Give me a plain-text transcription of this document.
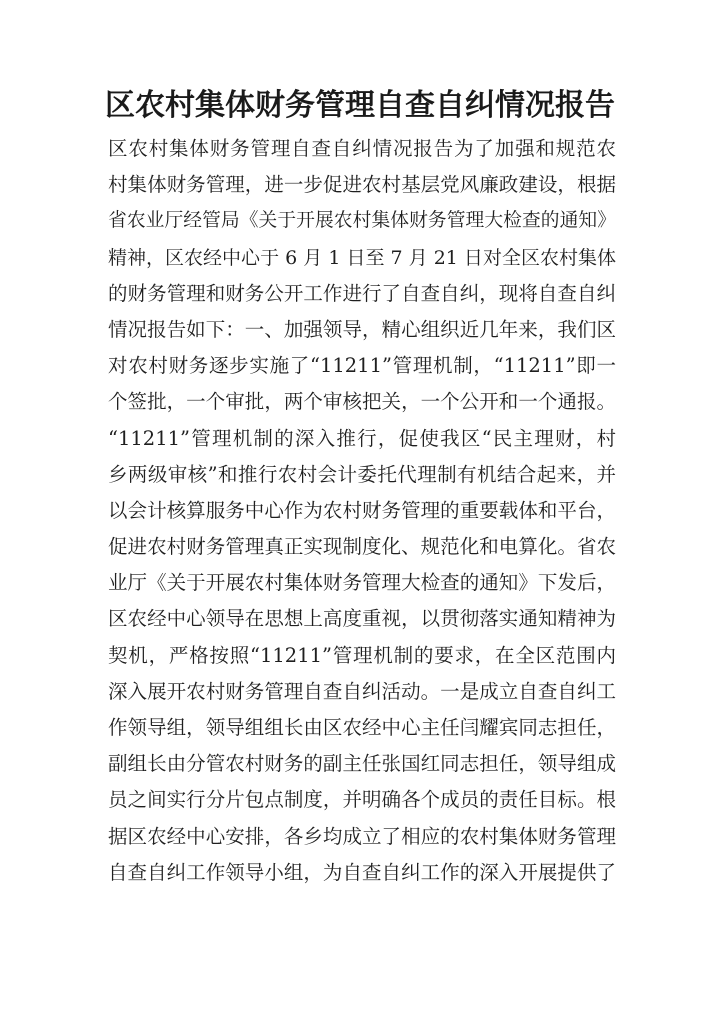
区农村集体财务管理自查自纠情况报告
区农村集体财务管理自查自纠情况报告为了加强和规范农
村集体财务管理，进一步促进农村基层党风廉政建设，根据
省农业厅经管局《关于开展农村集体财务管理大检查的通知》
精神，区农经中心于 6 月 1 日至 7 月 21 日对全区农村集体
的财务管理和财务公开工作进行了自查自纠，现将自查自纠
情况报告如下：一、加强领导，精心组织近几年来，我们区
对农村财务逐步实施了“11211”管理机制，“11211”即一
个签批，一个审批，两个审核把关，一个公开和一个通报。
“11211”管理机制的深入推行，促使我区“民主理财，村
乡两级审核”和推行农村会计委托代理制有机结合起来，并
以会计核算服务中心作为农村财务管理的重要载体和平台，
促进农村财务管理真正实现制度化、规范化和电算化。省农
业厅《关于开展农村集体财务管理大检查的通知》下发后，
区农经中心领导在思想上高度重视，以贯彻落实通知精神为
契机，严格按照“11211”管理机制的要求，在全区范围内
深入展开农村财务管理自查自纠活动。一是成立自查自纠工
作领导组，领导组组长由区农经中心主任闫耀宾同志担任，
副组长由分管农村财务的副主任张国红同志担任，领导组成
员之间实行分片包点制度，并明确各个成员的责任目标。根
据区农经中心安排，各乡均成立了相应的农村集体财务管理
自查自纠工作领导小组，为自查自纠工作的深入开展提供了
